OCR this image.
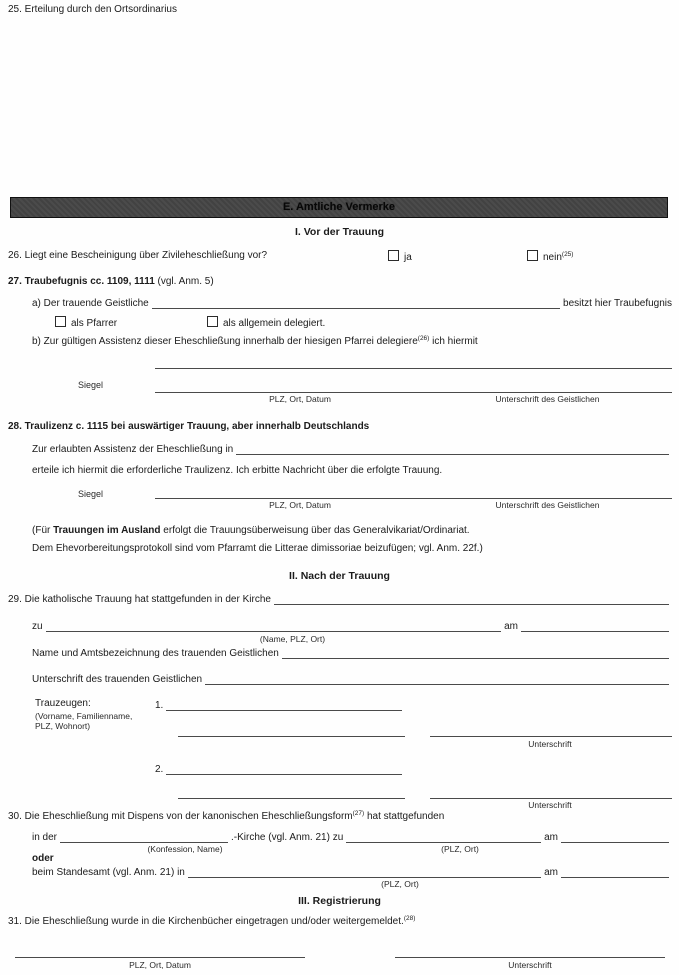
25. Erteilung durch den Ortsordinarius
E. Amtliche Vermerke
I. Vor der Trauung
26. Liegt eine Bescheinigung über Zivileheschließung vor?	ja	nein$^{(25)}$
27. Traubefugnis cc. 1109, 1111 (vgl. Anm. 5)
a) Der trauende Geistliche	besitzt hier Traubefugnis
als Pfarrer	als allgemein delegiert.
b) Zur gültigen Assistenz dieser Eheschließung innerhalb der hiesigen Pfarrei delegiere$^{(26)}$ ich hiermit
Siegel
PLZ, Ort, Datum	Unterschrift des Geistlichen
28. Traulizenz c. 1115 bei auswärtiger Trauung, aber innerhalb Deutschlands
Zur erlaubten Assistenz der Eheschließung in
erteile ich hiermit die erforderliche Traulizenz. Ich erbitte Nachricht über die erfolgte Trauung.
Siegel
PLZ, Ort, Datum	Unterschrift des Geistlichen
(Für Trauungen im Ausland erfolgt die Trauungsüberweisung über das Generalvikariat/Ordinariat.
Dem Ehevorbereitungsprotokoll sind vom Pfarramt die Litterae dimissoriae beizufügen; vgl. Anm. 22f.)
II. Nach der Trauung
29. Die katholische Trauung hat stattgefunden in der Kirche
zu	am
(Name, PLZ, Ort)
Name und Amtsbezeichnung des trauenden Geistlichen
Unterschrift des trauenden Geistlichen
Trauzeugen:
(Vorname, Familienname,
PLZ, Wohnort)
1.
Unterschrift
2.
Unterschrift
30. Die Eheschließung mit Dispens von der kanonischen Eheschließungsform$^{(27)}$ hat stattgefunden
in der	.-Kirche (vgl. Anm. 21) zu	am
(Konfession, Name)	(PLZ, Ort)
oder
beim Standesamt (vgl. Anm. 21) in	am
(PLZ, Ort)
III. Registrierung
31. Die Eheschließung wurde in die Kirchenbücher eingetragen und/oder weitergemeldet.$^{(28)}$
PLZ, Ort, Datum	Unterschrift
